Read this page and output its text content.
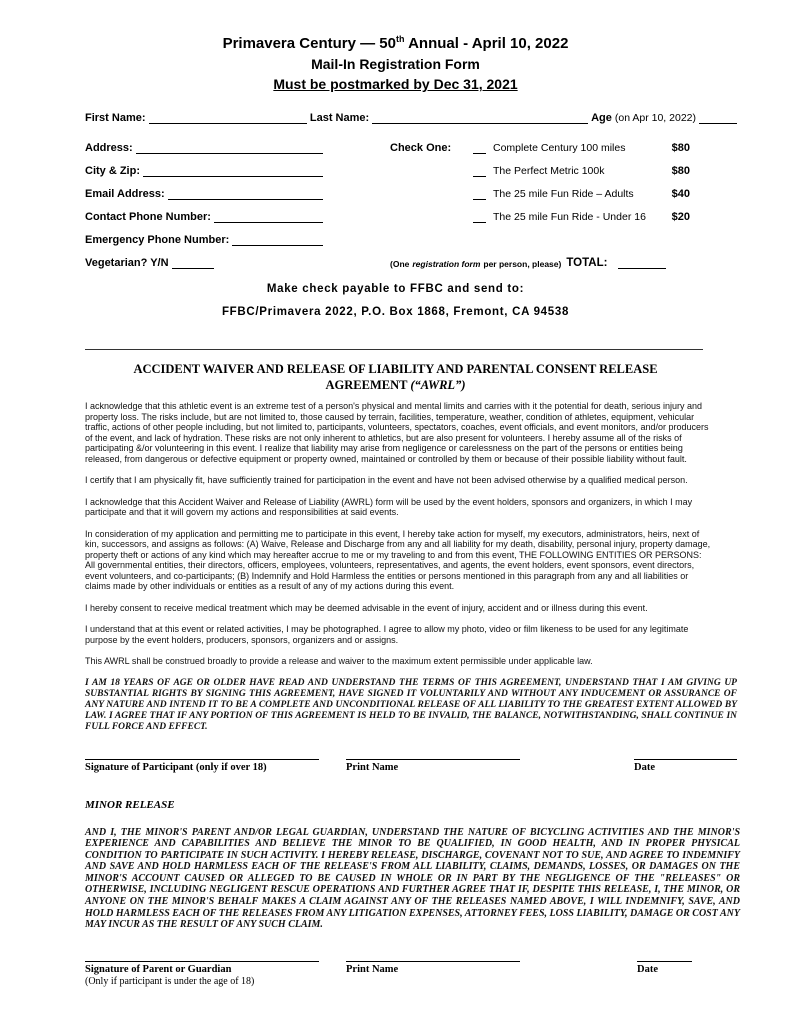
Primavera Century — 50th Annual - April 10, 2022
Mail-In Registration Form
Must be postmarked by Dec 31, 2021
First Name:	Last Name:	Age (on Apr 10, 2022)
Address:	Check One:	Complete Century 100 miles	$80
City & Zip:	The Perfect Metric 100k	$80
Email Address:	The 25 mile Fun Ride – Adults	$40
Contact Phone Number:	The 25 mile Fun Ride - Under 16 $20
Emergency Phone Number:
Vegetarian? Y/N	(One registration form per person, please) TOTAL:
Make check payable to FFBC and send to:
FFBC/Primavera 2022, P.O. Box 1868, Fremont, CA 94538
ACCIDENT WAIVER AND RELEASE OF LIABILITY AND PARENTAL CONSENT RELEASE AGREEMENT (“AWRL”)

I acknowledge that this athletic event is an extreme test of a person's physical and mental limits and carries with it the potential for death, serious injury and property loss. The risks include, but are not limited to, those caused by terrain, facilities, temperature, weather, condition of athletes, equipment, vehicular traffic, actions of other people including, but not limited to, participants, volunteers, spectators, coaches, event officials, and event monitors, and/or producers of the event, and lack of hydration. These risks are not only inherent to athletics, but are also present for volunteers. I hereby assume all of the risks of participating &/or volunteering in this event. I realize that liability may arise from negligence or carelessness on the part of the persons or entities being released, from dangerous or defective equipment or property owned, maintained or controlled by them or because of their possible liability without fault.

I certify that I am physically fit, have sufficiently trained for participation in the event and have not been advised otherwise by a qualified medical person.

I acknowledge that this Accident Waiver and Release of Liability (AWRL) form will be used by the event holders, sponsors and organizers, in which I may participate and that it will govern my actions and responsibilities at said events.

In consideration of my application and permitting me to participate in this event, I hereby take action for myself, my executors, administrators, heirs, next of kin, successors, and assigns as follows: (A) Waive, Release and Discharge from any and all liability for my death, disability, personal injury, property damage, property theft or actions of any kind which may hereafter accrue to me or my traveling to and from this event, THE FOLLOWING ENTITIES OR PERSONS: All governmental entities, their directors, officers, employees, volunteers, representatives, and agents, the event holders, event sponsors, event directors, event volunteers, and co-participants; (B) Indemnify and Hold Harmless the entities or persons mentioned in this paragraph from any and all liabilities or claims made by other individuals or entities as a result of any of my actions during this event.

I hereby consent to receive medical treatment which may be deemed advisable in the event of injury, accident and or illness during this event.

I understand that at this event or related activities, I may be photographed. I agree to allow my photo, video or film likeness to be used for any legitimate purpose by the event holders, producers, sponsors, organizers and or assigns.

This AWRL shall be construed broadly to provide a release and waiver to the maximum extent permissible under applicable law.

I AM 18 YEARS OF AGE OR OLDER HAVE READ AND UNDERSTAND THE TERMS OF THIS AGREEMENT, UNDERSTAND THAT I AM GIVING UP SUBSTANTIAL RIGHTS BY SIGNING THIS AGREEMENT, HAVE SIGNED IT VOLUNTARILY AND WITHOUT ANY INDUCEMENT OR ASSURANCE OF ANY NATURE AND INTEND IT TO BE A COMPLETE AND UNCONDITIONAL RELEASE OF ALL LIABILITY TO THE GREATEST EXTENT ALLOWED BY LAW. I AGREE THAT IF ANY PORTION OF THIS AGREEMENT IS HELD TO BE INVALID, THE BALANCE, NOTWITHSTANDING, SHALL CONTINUE IN FULL FORCE AND EFFECT.
Signature of Participant (only if over 18)	Print Name	Date
MINOR RELEASE
AND I, THE MINOR'S PARENT AND/OR LEGAL GUARDIAN, UNDERSTAND THE NATURE OF BICYCLING ACTIVITIES AND THE MINOR'S EXPERIENCE AND CAPABILITIES AND BELIEVE THE MINOR TO BE QUALIFIED, IN GOOD HEALTH, AND IN PROPER PHYSICAL CONDITION TO PARTICIPATE IN SUCH ACTIVITY. I HEREBY RELEASE, DISCHARGE, COVENANT NOT TO SUE, AND AGREE TO INDEMNIFY AND SAVE AND HOLD HARMLESS EACH OF THE RELEASE'S FROM ALL LIABILITY, CLAIMS, DEMANDS, LOSSES, OR DAMAGES ON THE MINOR'S ACCOUNT CAUSED OR ALLEGED TO BE CAUSED IN WHOLE OR IN PART BY THE NEGLIGENCE OF THE "RELEASES" OR OTHERWISE, INCLUDING NEGLIGENT RESCUE OPERATIONS AND FURTHER AGREE THAT IF, DESPITE THIS RELEASE, I, THE MINOR, OR ANYONE ON THE MINOR'S BEHALF MAKES A CLAIM AGAINST ANY OF THE RELEASES NAMED ABOVE, I WILL INDEMNIFY, SAVE, AND HOLD HARMLESS EACH OF THE RELEASES FROM ANY LITIGATION EXPENSES, ATTORNEY FEES, LOSS LIABILITY, DAMAGE OR COST ANY MAY INCUR AS THE RESULT OF ANY SUCH CLAIM.
Signature of Parent or Guardian
(Only if participant is under the age of 18)
Print Name	Date
